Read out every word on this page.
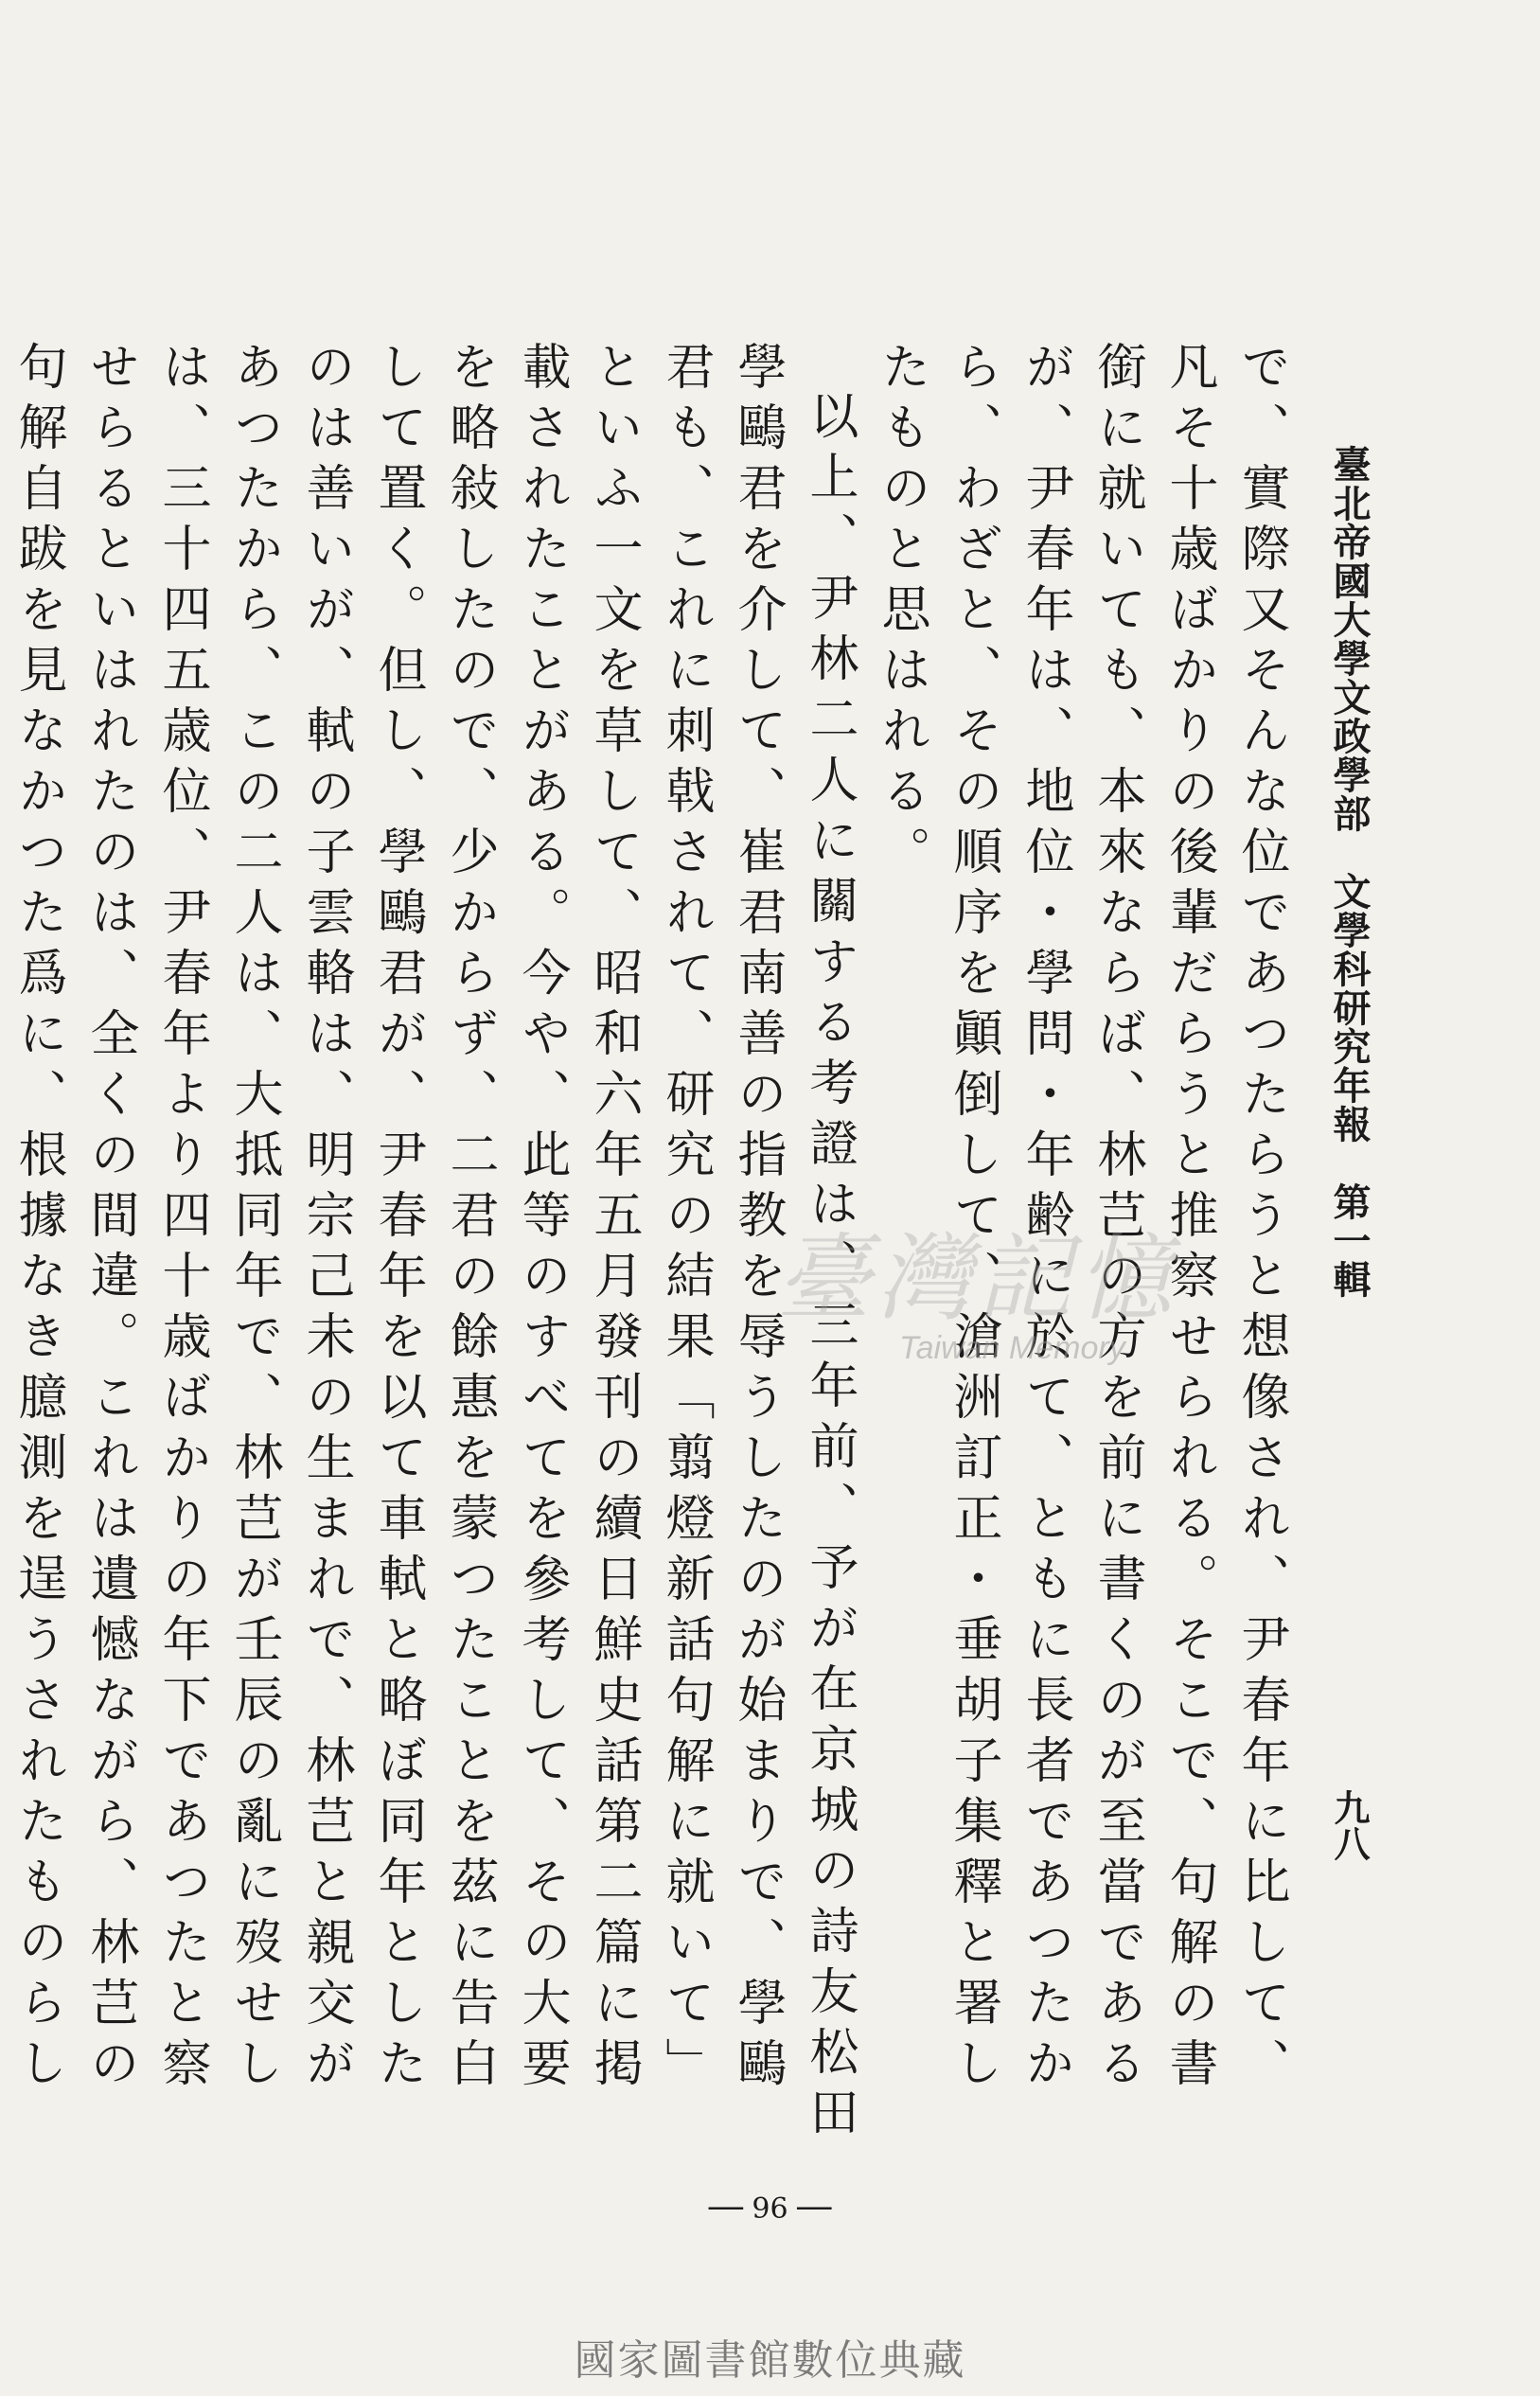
臺北帝國大學文政學部　文學科研究年報　第一輯
九八

で、實際又そんな位であつたらうと想像され、尹春年に比して、凡そ十歳ばかりの後輩だらうと推察せられる。そこで、句解の書銜に就いても、本來ならば、林芑の方を前に書くのが至當であるが、尹春年は、地位・學問・年齢に於て、ともに長者であつたから、わざと、その順序を顚倒して、滄洲訂正・垂胡子集釋と署したものと思はれる。

以上、尹林二人に關する考證は、三年前、予が在京城の詩友松田學鷗君を介して、崔君南善の指教を辱うしたのが始まりで、學鷗君も、これに刺戟されて、研究の結果「翦燈新話句解に就いて」といふ一文を草して、昭和六年五月發刊の續日鮮史話第二篇に掲載されたことがある。今や、此等のすべてを參考して、その大要を略敍したので、少からず、二君の餘惠を蒙つたことを茲に告白して置く。但し、學鷗君が、尹春年を以て車軾と略ぼ同年としたのは善いが、軾の子雲輅は、明宗己未の生まれで、林芑と親交があつたから、この二人は、大抵同年で、林芑が壬辰の亂に歿せしは、三十四五歳位、尹春年より四十歳ばかりの年下であつたと察せらるといはれたのは、全くの間違。これは遺憾ながら、林芑の句解自跋を見なかつた爲に、根據なき臆測を逞うされたものらし

臺灣記憶
Taiwan Memory
── 96 ──
國家圖書館數位典藏
